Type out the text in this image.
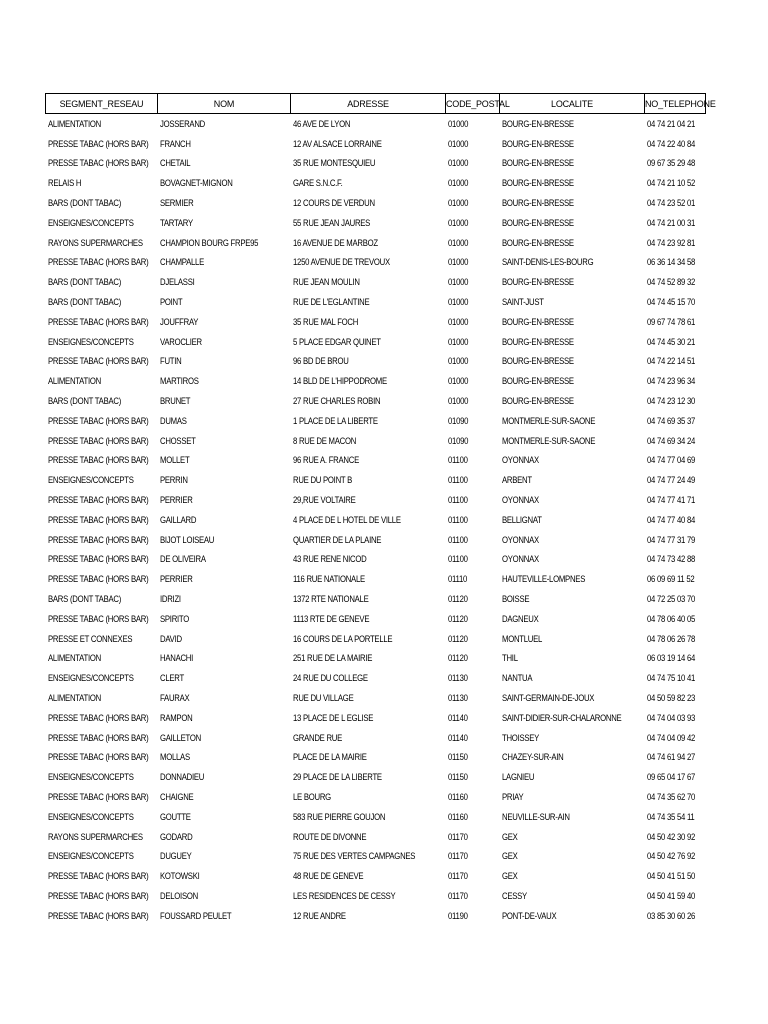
SEGMENT_RESEAU	NOM	ADRESSE	CODE_POSTAL	LOCALITE	NO_TELEPHONE
ALIMENTATION	JOSSERAND	46 AVE DE LYON	01000	BOURG-EN-BRESSE	04 74 21 04 21
PRESSE TABAC (HORS BAR)	FRANCH	12 AV ALSACE LORRAINE	01000	BOURG-EN-BRESSE	04 74 22 40 84
PRESSE TABAC (HORS BAR)	CHETAIL	35 RUE MONTESQUIEU	01000	BOURG-EN-BRESSE	09 67 35 29 48
RELAIS H	BOVAGNET-MIGNON	GARE S.N.C.F.	01000	BOURG-EN-BRESSE	04 74 21 10 52
BARS (DONT TABAC)	SERMIER	12 COURS DE VERDUN	01000	BOURG-EN-BRESSE	04 74 23 52 01
ENSEIGNES/CONCEPTS	TARTARY	55 RUE JEAN JAURES	01000	BOURG-EN-BRESSE	04 74 21 00 31
RAYONS SUPERMARCHES	CHAMPION BOURG FRPE95	16 AVENUE DE MARBOZ	01000	BOURG-EN-BRESSE	04 74 23 92 81
PRESSE TABAC (HORS BAR)	CHAMPALLE	1250 AVENUE DE TREVOUX	01000	SAINT-DENIS-LES-BOURG	06 36 14 34 58
BARS (DONT TABAC)	DJELASSI	RUE JEAN MOULIN	01000	BOURG-EN-BRESSE	04 74 52 89 32
BARS (DONT TABAC)	POINT	RUE DE L'EGLANTINE	01000	SAINT-JUST	04 74 45 15 70
PRESSE TABAC (HORS BAR)	JOUFFRAY	35 RUE MAL FOCH	01000	BOURG-EN-BRESSE	09 67 74 78 61
ENSEIGNES/CONCEPTS	VAROCLIER	5 PLACE EDGAR QUINET	01000	BOURG-EN-BRESSE	04 74 45 30 21
PRESSE TABAC (HORS BAR)	FUTIN	96 BD DE BROU	01000	BOURG-EN-BRESSE	04 74 22 14 51
ALIMENTATION	MARTIROS	14 BLD DE L'HIPPODROME	01000	BOURG-EN-BRESSE	04 74 23 96 34
BARS (DONT TABAC)	BRUNET	27 RUE CHARLES ROBIN	01000	BOURG-EN-BRESSE	04 74 23 12 30
PRESSE TABAC (HORS BAR)	DUMAS	1 PLACE DE LA LIBERTE	01090	MONTMERLE-SUR-SAONE	04 74 69 35 37
PRESSE TABAC (HORS BAR)	CHOSSET	8 RUE DE MACON	01090	MONTMERLE-SUR-SAONE	04 74 69 34 24
PRESSE TABAC (HORS BAR)	MOLLET	96 RUE A. FRANCE	01100	OYONNAX	04 74 77 04 69
ENSEIGNES/CONCEPTS	PERRIN	RUE DU POINT B	01100	ARBENT	04 74 77 24 49
PRESSE TABAC (HORS BAR)	PERRIER	29,RUE VOLTAIRE	01100	OYONNAX	04 74 77 41 71
PRESSE TABAC (HORS BAR)	GAILLARD	4 PLACE DE L HOTEL DE VILLE	01100	BELLIGNAT	04 74 77 40 84
PRESSE TABAC (HORS BAR)	BIJOT LOISEAU	QUARTIER DE LA PLAINE	01100	OYONNAX	04 74 77 31 79
PRESSE TABAC (HORS BAR)	DE OLIVEIRA	43 RUE RENE NICOD	01100	OYONNAX	04 74 73 42 88
PRESSE TABAC (HORS BAR)	PERRIER	116 RUE NATIONALE	01110	HAUTEVILLE-LOMPNES	06 09 69 11 52
BARS (DONT TABAC)	IDRIZI	1372 RTE NATIONALE	01120	BOISSE	04 72 25 03 70
PRESSE TABAC (HORS BAR)	SPIRITO	1113 RTE DE GENEVE	01120	DAGNEUX	04 78 06 40 05
PRESSE ET CONNEXES	DAVID	16 COURS DE LA PORTELLE	01120	MONTLUEL	04 78 06 26 78
ALIMENTATION	HANACHI	251 RUE DE LA MAIRIE	01120	THIL	06 03 19 14 64
ENSEIGNES/CONCEPTS	CLERT	24 RUE DU COLLEGE	01130	NANTUA	04 74 75 10 41
ALIMENTATION	FAURAX	RUE DU VILLAGE	01130	SAINT-GERMAIN-DE-JOUX	04 50 59 82 23
PRESSE TABAC (HORS BAR)	RAMPON	13 PLACE DE L EGLISE	01140	SAINT-DIDIER-SUR-CHALARONNE	04 74 04 03 93
PRESSE TABAC (HORS BAR)	GAILLETON	GRANDE RUE	01140	THOISSEY	04 74 04 09 42
PRESSE TABAC (HORS BAR)	MOLLAS	PLACE DE LA MAIRIE	01150	CHAZEY-SUR-AIN	04 74 61 94 27
ENSEIGNES/CONCEPTS	DONNADIEU	29 PLACE DE LA LIBERTE	01150	LAGNIEU	09 65 04 17 67
PRESSE TABAC (HORS BAR)	CHAIGNE	LE BOURG	01160	PRIAY	04 74 35 62 70
ENSEIGNES/CONCEPTS	GOUTTE	583 RUE PIERRE GOUJON	01160	NEUVILLE-SUR-AIN	04 74 35 54 11
RAYONS SUPERMARCHES	GODARD	ROUTE DE DIVONNE	01170	GEX	04 50 42 30 92
ENSEIGNES/CONCEPTS	DUGUEY	75 RUE DES VERTES CAMPAGNES	01170	GEX	04 50 42 76 92
PRESSE TABAC (HORS BAR)	KOTOWSKI	48 RUE DE GENEVE	01170	GEX	04 50 41 51 50
PRESSE TABAC (HORS BAR)	DELOISON	LES RESIDENCES DE CESSY	01170	CESSY	04 50 41 59 40
PRESSE TABAC (HORS BAR)	FOUSSARD PEULET	12 RUE ANDRE	01190	PONT-DE-VAUX	03 85 30 60 26
